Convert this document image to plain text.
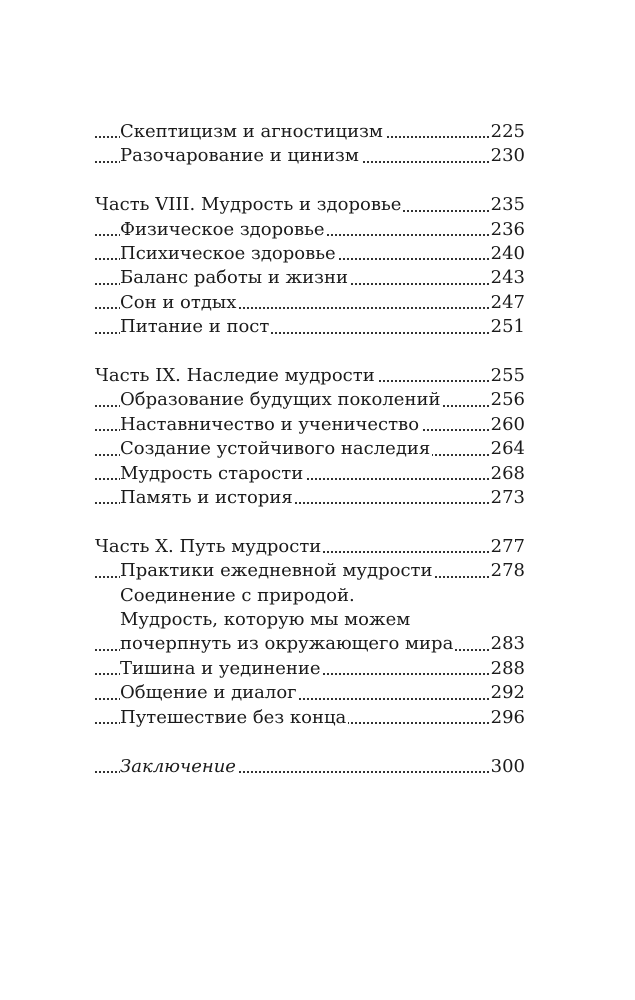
Скептицизм и агностицизм	225
Разочарование и цинизм	230
Часть VIII. Мудрость и здоровье	235
Физическое здоровье	236
Психическое здоровье	240
Баланс работы и жизни	243
Сон и отдых	247
Питание и пост	251
Часть IX. Наследие мудрости	255
Образование будущих поколений	256
Наставничество и ученичество	260
Создание устойчивого наследия	264
Мудрость старости	268
Память и история	273
Часть X. Путь мудрости	277
Практики ежедневной мудрости	278
Соединение с природой.
Мудрость, которую мы можем
почерпнуть из окружающего мира 283
Тишина и уединение	288
Общение и диалог	292
Путешествие без конца	296
Заключение	300
